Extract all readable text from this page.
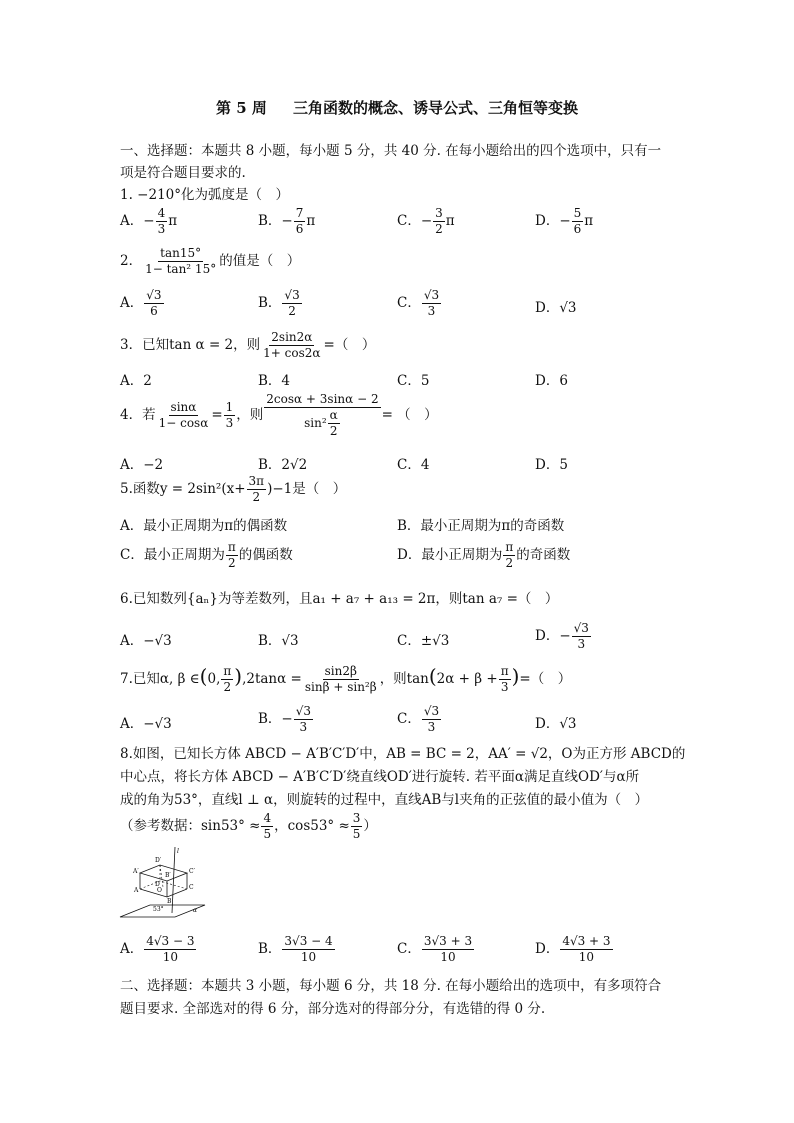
第 5 周 三角函数的概念、诱导公式、三角恒等变换
一、选择题：本题共 8 小题，每小题 5 分，共 40 分. 在每小题给出的四个选项中，只有一
项是符合题目要求的.
1. −210°化为弧度是（　）
A．− $\frac{4}{3}$ π	B．− $\frac{7}{6}$ π	C．− $\frac{3}{2}$ π	D．− $\frac{5}{6}$ π
2． $\frac{\tan 15^\circ}{\text{1− tan² 15°}}$ 的值是（　）
A． $\frac{√3}{6}$	B． $\frac{√3}{2}$	C． $\frac{√3}{3}$	D．√3
3．已知tan α = 2，则 $\frac{2\sin 2\alpha}{1+ \cos 2\alpha}$ =（　）
A．2	B．4	C．5	D．6
4．若 $\frac{\sin\alpha}{1- \cos\alpha} = \frac{1}{3}$ ，则 $\frac{2\cos\alpha + 3\sin\alpha - 2}{\sin^2 \frac{\alpha}{2}}$ = （　）
A．−2	B．2√2	C．4	D．5
5.函数$y = 2\sin^2(x+ \frac{3\pi}{2} )-1$是（　）
A．最小正周期为π的偶函数	B．最小正周期为π的奇函数
C．最小正周期为 $\frac{\pi}{2}$ 的偶函数	D．最小正周期为 $\frac{\pi}{2}$ 的奇函数
6.已知数列{aₙ}为等差数列，且a₁ + a₇ + a₁₃ = 2π，则tan a₇ =（　）
A．−√3	B．√3	C．±√3	D．− $\frac{√3}{3}$
7.已知α, β ∈(0, $\frac{\pi}{2} ),2\tan\alpha = \frac{\sin 2\beta}{\text{sinβ + sin²β}}$ ，则$\tan(2\alpha + \beta + \frac{\pi}{3}$ )=（　）
A．−√3	B．− $\frac{√3}{3}$	C． $\frac{√3}{3}$	D．√3
8.如图，已知长方体 ABCD − A′B′C′D′中，AB = BC = 2，AA′ = √2，O为正方形 ABCD的
中心点，将长方体 ABCD − A′B′C′D′绕直线OD′进行旋转. 若平面α满足直线OD′与α所
成的角为53°，直线l ⊥ α，则旋转的过程中，直线AB与l夹角的正弦值的最小值为（　）
（参考数据：$\sin 53^\circ \approx \frac{4}{5}$ ，$\cos 53^\circ \approx \frac{3}{5}$ ）
D′
A′
B′
C′
D
A
B
C
O
l
53°	α
A． $\frac{4√3 - 3}{10}$	B． $\frac{3√3 - 4}{10}$	C． $\frac{3√3 + 3}{10}$	D． $\frac{4√3 + 3}{10}$
二、选择题：本题共 3 小题，每小题 6 分，共 18 分. 在每小题给出的选项中，有多项符合
题目要求. 全部选对的得 6 分，部分选对的得部分分，有选错的得 0 分.
